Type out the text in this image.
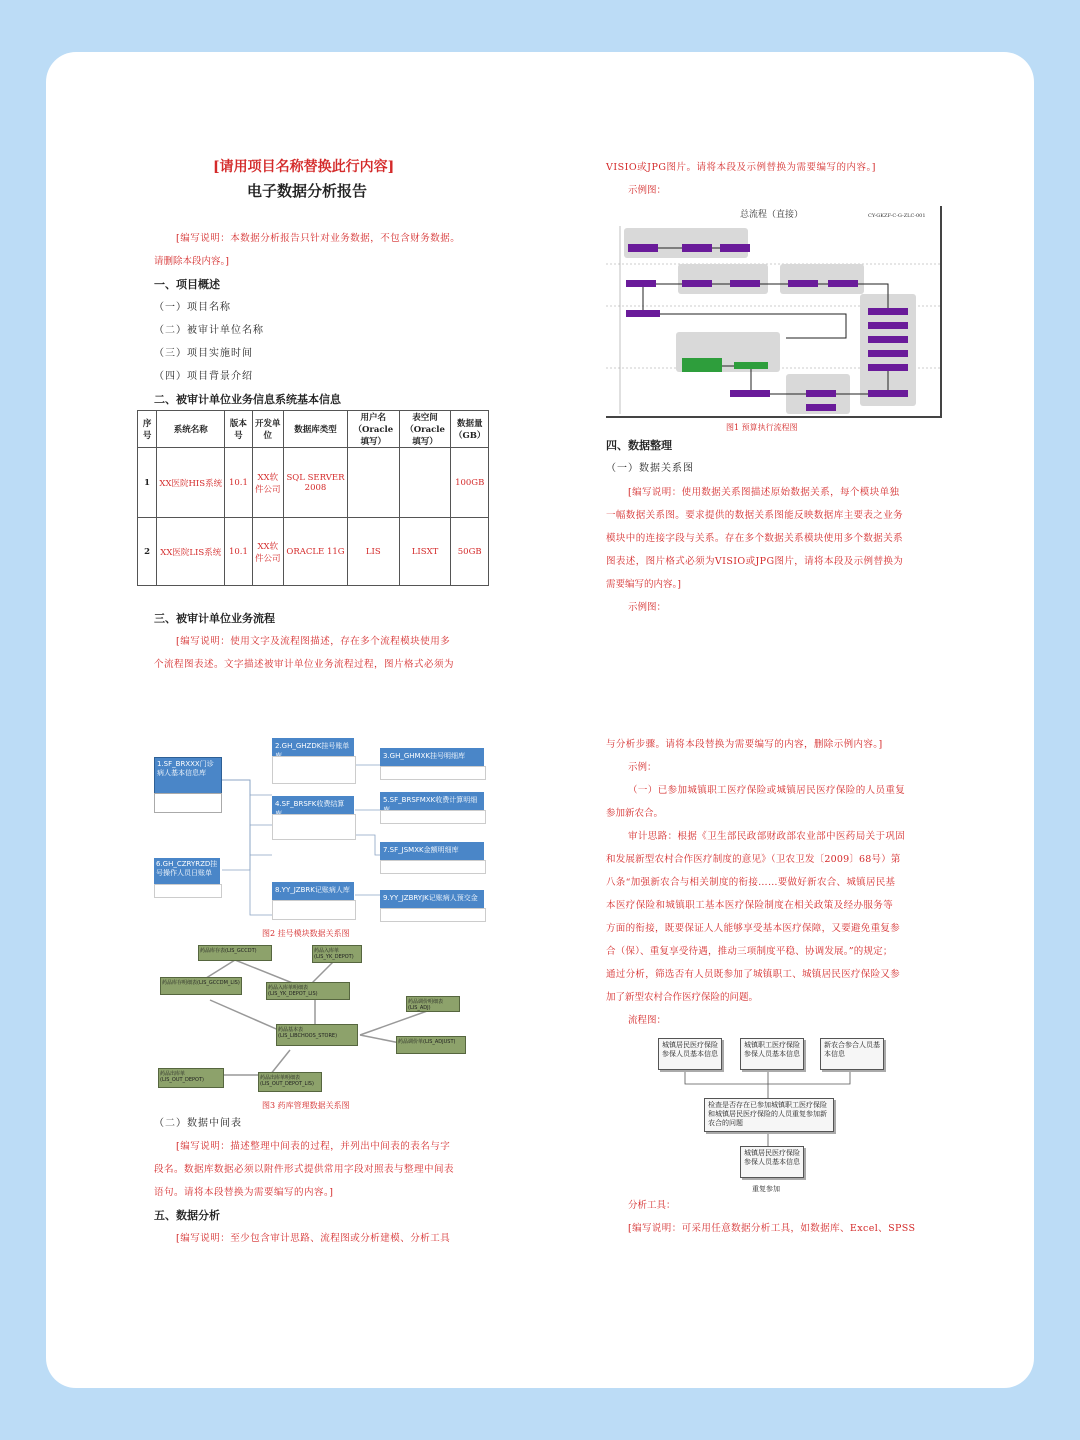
[请用项目名称替换此行内容]
电子数据分析报告
[编写说明：本数据分析报告只针对业务数据，不包含财务数据。
请删除本段内容。]
一、项目概述
（一）项目名称
（二）被审计单位名称
（三）项目实施时间
（四）项目背景介绍
二、被审计单位业务信息系统基本信息
序号	系统名称	版本号	开发单位	数据库类型	用户名（Oracle填写）	表空间（Oracle填写）	数据量（GB）
1	XX医院HIS系统	10.1	XX软件公司	SQL SERVER 2008			100GB
2	XX医院LIS系统	10.1	XX软件公司	ORACLE 11G	LIS	LISXT	50GB
三、被审计单位业务流程
[编写说明：使用文字及流程图描述，存在多个流程模块使用多
个流程图表述。文字描述被审计单位业务流程过程，图片格式必须为
1.SF_BRXXX门诊病人基本信息库
2.GH_GHZDK挂号账单
3.GH_GHMXK挂号明细库
4.SF_BRSFK收费结算	5.SF_BRSFMXK收费计算明细
6.GH_CZRYRZD挂号操作人员日账单
7.SF_JSMXK金额明细库
8.YY_JZBRK记账病人库
9.YY_JZBRYJK记账病人预交金
图2 挂号模块数据关系图
药品库存表(LIS_GCCDT)	药品入库单(LIS_YK_DEPOT)
药品库存明细表(LIS_GCCDM_LIS)
药品入库单明细表(LIS_YK_DEPOT_LIS)
药品基本表(LIS_LIBCHOOS_STORE)
药品调价明细表(LIS_ADJ)
药品出库单(LIS_OUT_DEPOT)	药品出库单明细表(LIS_OUT_DEPOT_LIS)
药品调价单(LIS_ADJUST)
图3 药库管理数据关系图
（二）数据中间表
[编写说明：描述整理中间表的过程，并列出中间表的表名与字
段名。数据库数据必须以附件形式提供常用字段对照表与整理中间表
语句。请将本段替换为需要编写的内容。]
五、数据分析
[编写说明：至少包含审计思路、流程图或分析建模、分析工具
VISIO或JPG图片。请将本段及示例替换为需要编写的内容。]
示例图：
总流程（直接）	CY-GKZF-C-G-ZLC-001
图1 预算执行流程图
四、数据整理
（一）数据关系图
[编写说明：使用数据关系图描述原始数据关系，每个模块单独
一幅数据关系图。要求提供的数据关系图能反映数据库主要表之业务
模块中的连接字段与关系。存在多个数据关系模块使用多个数据关系
图表述，图片格式必须为VISIO或JPG图片，请将本段及示例替换为
需要编写的内容。]
示例图：
与分析步骤。请将本段替换为需要编写的内容，删除示例内容。]
示例：
（一）已参加城镇职工医疗保险或城镇居民医疗保险的人员重复
参加新农合。
审计思路：根据《卫生部民政部财政部农业部中医药局关于巩固
和发展新型农村合作医疗制度的意见》（卫农卫发〔2009〕68号）第
八条“加强新农合与相关制度的衔接……要做好新农合、城镇居民基
本医疗保险和城镇职工基本医疗保险制度在相关政策及经办服务等
方面的衔接，既要保证人人能够享受基本医疗保障，又要避免重复参
合（保）、重复享受待遇，推动三项制度平稳、协调发展。”的规定；
通过分析，筛选否有人员既参加了城镇职工、城镇居民医疗保险又参
加了新型农村合作医疗保险的问题。
流程图：
城镇居民医疗保险参保人员基本信息
城镇职工医疗保险参保人员基本信息
新农合参合人员基本信息
检查是否存在已参加城镇职工医疗保险和城镇居民医疗保险的人员重复参加新农合的问题
城镇居民医疗保险参保人员基本信息
重复参加
分析工具：
[编写说明：可采用任意数据分析工具，如数据库、Excel、SPSS
